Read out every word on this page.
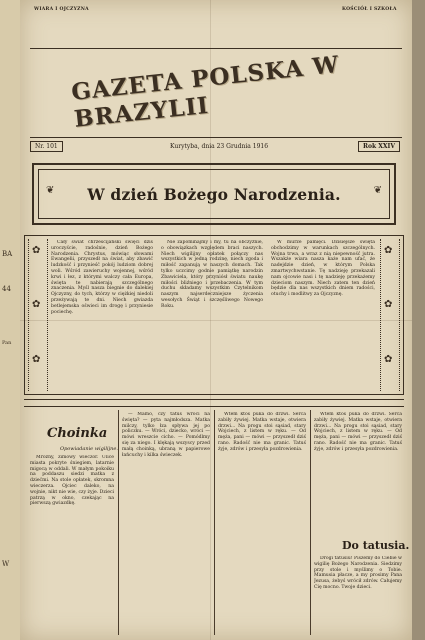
BA
44
Pan
W
WIARA I OJCZYZNA	KOŚCIÓŁ I SZKOŁA
GAZETA POLSKA W BRAZYLII
Nr. 101	Kurytyba, dnia 23 Grudnia 1916	Rok XXIV
❦ W dzień Bożego Narodzenia.	❦
✿
✿
✿
✿
✿
✿

Cały świat chrześcijański święci dziś uroczyście, radośnie, dzień Bożego Narodzenia. Chrystus, mówiąc słowami Ewangelii, przyszedł na świat, aby zbawić ludzkość i przynieść pokój ludziom dobrej woli. Wśród zawieruchy wojennej, wśród krwi i łez, z którymi walczy cała Europa, święta te nabierają szczególnego znaczenia. Myśl nasza biegnie do dalekiej Ojczyzny, do tych, którzy w ciężkiej niedoli przeżywają te dni. Niech gwiazda betlejemska oświeci im drogę i przyniesie pociechę.

Nie zapominajmy i my, tu na obczyźnie, o obowiązkach względem braci naszych. Niech wigilijny opłatek połączy nas wszystkich w jedną rodzinę, niech zgoda i miłość zapanują w naszych domach. Tak tylko uczcimy godnie pamiątkę narodzin Zbawiciela, który przyniósł światu naukę miłości bliźniego i przebaczenia. W tym duchu składamy wszystkim Czytelnikom naszym najserdeczniejsze życzenia wesołych Świąt i szczęśliwego Nowego Roku.

W murze pamięci. Dzisiejsze święta obchodzimy w warunkach szczególnych. Wojna trwa, a wraz z nią niepewność jutra. Wszakże wiara nasza każe nam ufać, że nadejdzie dzień, w którym Polska zmartwychwstanie. Tę nadzieję przekazali nam ojcowie nasi i tę nadzieję przekażemy dzieciom naszym. Niech zatem ten dzień będzie dla nas wszystkich dniem radości, otuchy i modlitwy za Ojczyznę.

Choinka
Opowiadanie wigilijne.

Mroźny, zimowy wieczór. Ulice miasta pokryte śniegiem, latarnie migocą w oddali. W małym pokoiku na poddaszu siedzi matka z dziećmi. Na stole opłatek, skromna wieczerza. Ojciec daleko, na wojnie, nikt nie wie, czy żyje. Dzieci patrzą w okno, czekając na pierwszą gwiazdkę.

— Mamo, czy tatuś wróci na święta? — pyta najmłodsza. Matka milczy, tylko łza spływa jej po policzku. — Wróci, dziecko, wróci — mówi wreszcie cicho. — Pomódlmy się za niego. I klękają wszyscy przed małą choinką, ubraną w papierowe łańcuchy i kilka świeczek.

Wtem ktoś puka do drzwi. Serca zabiły żywiej. Matka wstaje, otwiera drzwi... Na progu stoi sąsiad, stary Wojciech, z listem w ręku. — Od męża, pani — mówi — przyszedł dziś rano. Radość nie ma granic. Tatuś żyje, zdrów i przesyła pozdrowienia.

Wtem ktoś puka do drzwi. Serca zabiły żywiej. Matka wstaje, otwiera drzwi... Na progu stoi sąsiad, stary Wojciech, z listem w ręku. — Od męża, pani — mówi — przyszedł dziś rano. Radość nie ma granic. Tatuś żyje, zdrów i przesyła pozdrowienia.

Do tatusia.

Drogi tatusiu! Piszemy do Ciebie w wigilię Bożego Narodzenia. Siedzimy przy stole i myślimy o Tobie. Mamusia płacze, a my prosimy Pana Jezusa, żebyś wrócił zdrów. Całujemy Cię mocno. Twoje dzieci.
